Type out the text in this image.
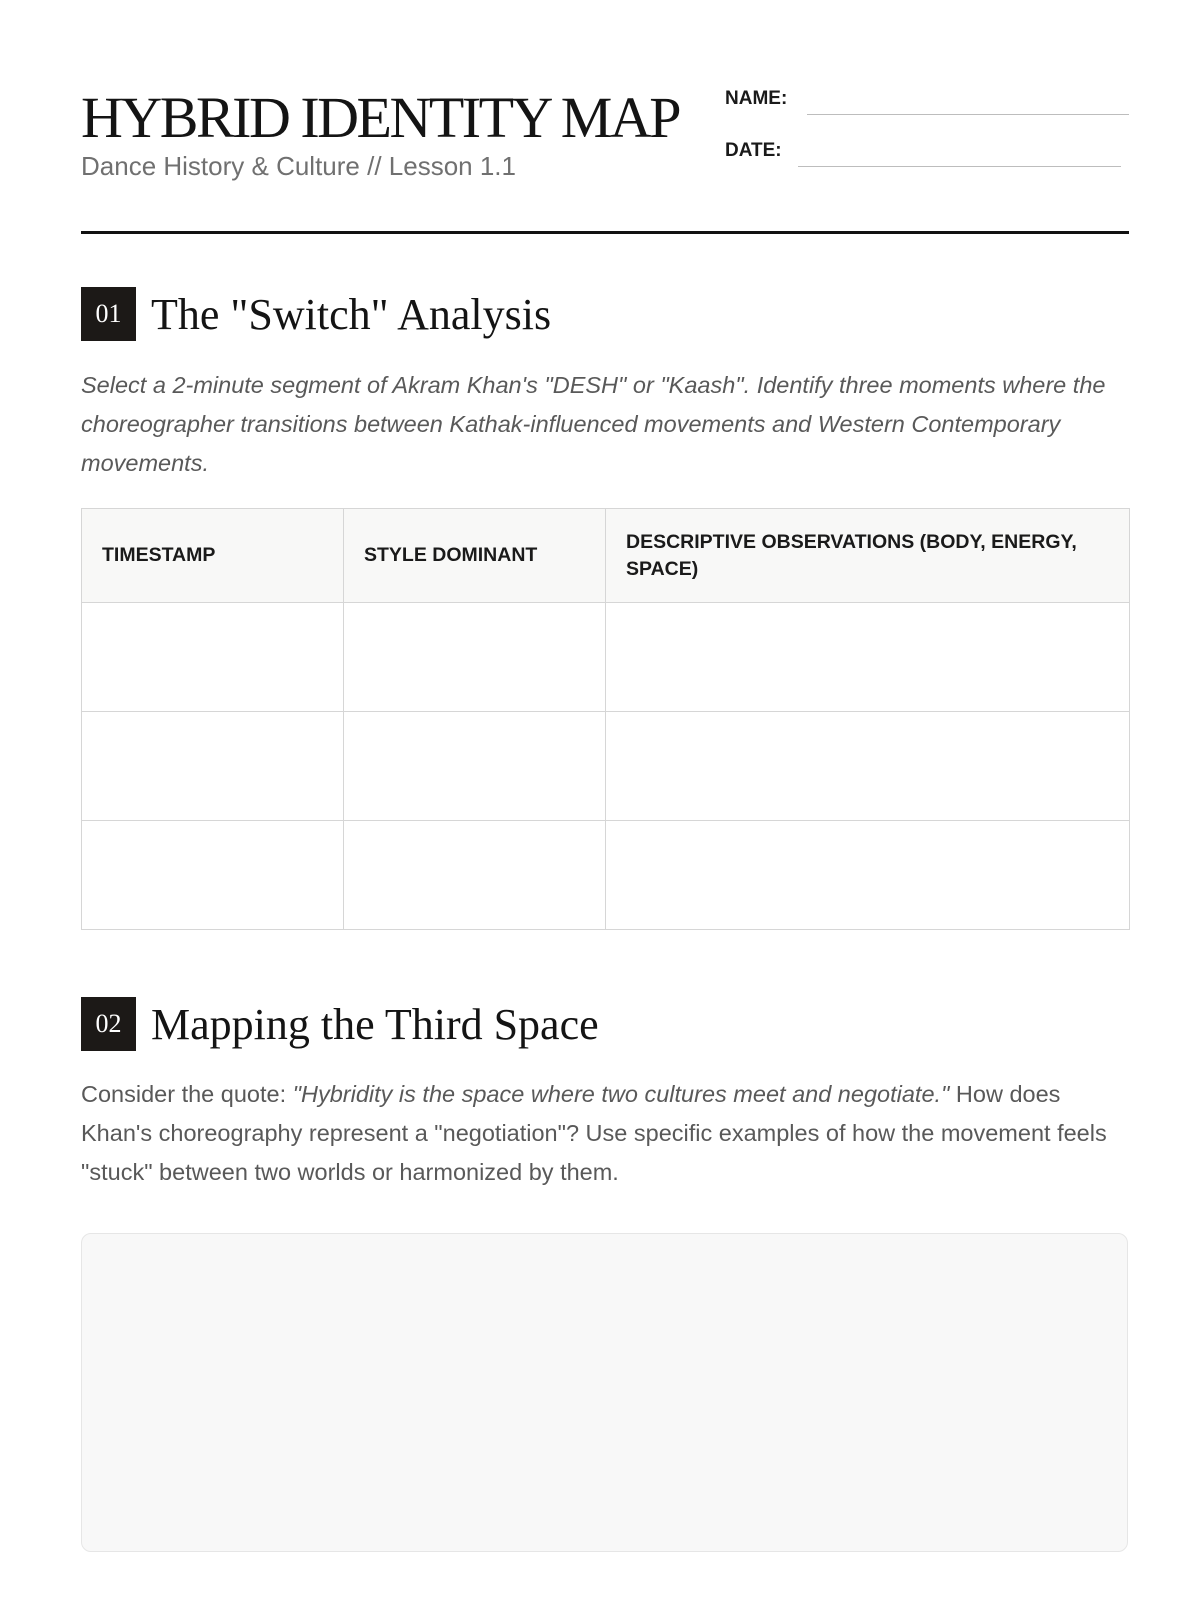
HYBRID IDENTITY MAP
Dance History & Culture // Lesson 1.1
NAME:
DATE:
01 The "Switch" Analysis
Select a 2-minute segment of Akram Khan's "DESH" or "Kaash". Identify three moments where the choreographer transitions between Kathak-influenced movements and Western Contemporary movements.
TIMESTAMP	STYLE DOMINANT	DESCRIPTIVE OBSERVATIONS (BODY, ENERGY, SPACE)

02 Mapping the Third Space
Consider the quote: "Hybridity is the space where two cultures meet and negotiate." How does Khan's choreography represent a "negotiation"? Use specific examples of how the movement feels "stuck" between two worlds or harmonized by them.
